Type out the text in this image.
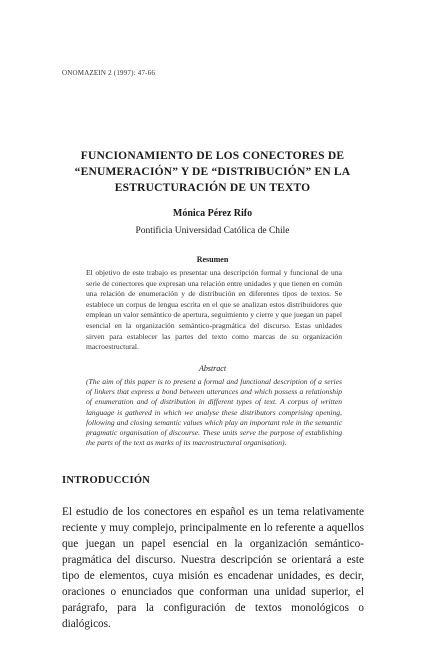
ONOMAZEIN 2 (1997): 47-66
FUNCIONAMIENTO DE LOS CONECTORES DE
“ENUMERACIÓN” Y DE “DISTRIBUCIÓN” EN LA
ESTRUCTURACIÓN DE UN TEXTO
Mónica Pérez Rifo
Pontificia Universidad Católica de Chile
Resumen
El objetivo de este trabajo es presentar una descripción formal y funcional de una serie de conectores que expresan una relación entre unidades y que tienen en común una relación de enumeración y de distribución en diferentes tipos de textos. Se establece un corpus de lengua escrita en el que se analizan estos distribuidores que emplean un valor semántico de apertura, seguimiento y cierre y que juegan un papel esencial en la organización semántico-pragmática del discurso. Estas unidades sirven para establecer las partes del texto como marcas de su organización macroestructural.
Abstract
(The aim of this paper is to present a formal and functional description of a series of linkers that express a bond between utterances and which possess a relationship of enumeration and of distribution in different types of text. A corpus of written language is gathered in which we analyse these distributors comprising opening, following and closing semantic values which play an important role in the semantic pragmatic organisation of discourse. These units serve the purpose of establishing the parts of the text as marks of its macrostructural organisation).
INTRODUCCIÓN
El estudio de los conectores en español es un tema relativamente reciente y muy complejo, principalmente en lo referente a aquellos que juegan un papel esencial en la organización semántico-pragmática del discurso. Nuestra descripción se orientará a este tipo de elementos, cuya misión es encadenar unidades, es decir, oraciones o enunciados que conforman una unidad superior, el parágrafo, para la configuración de textos monológicos o dialógicos.
